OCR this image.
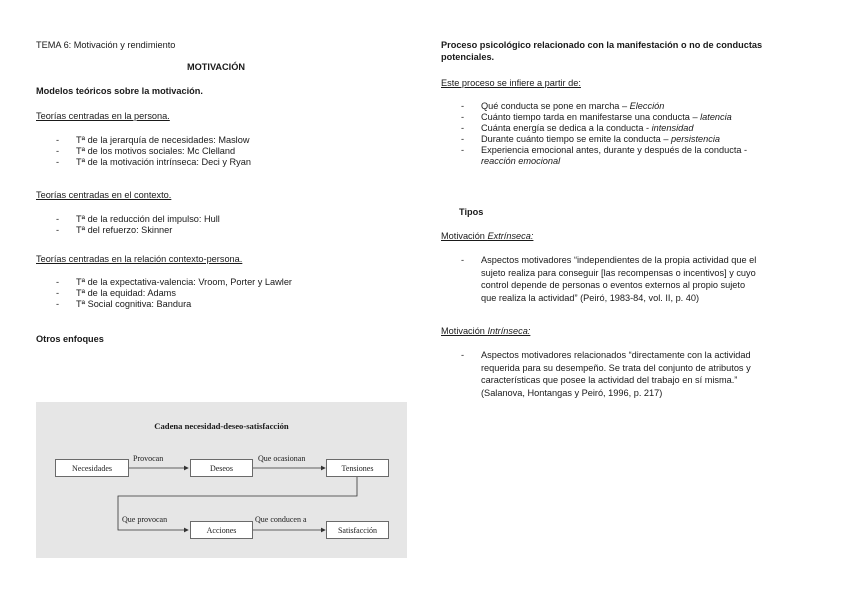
TEMA 6: Motivación y rendimiento
MOTIVACIÓN
Modelos teóricos sobre la motivación.
Teorías centradas en la persona.
- Tª de la jerarquía de necesidades: Maslow
- Tª de los motivos sociales: Mc Clelland
- Tª de la motivación intrínseca: Deci y Ryan
Teorías centradas en el contexto.
- Tª de la reducción del impulso: Hull
- Tª del refuerzo: Skinner
Teorías centradas en la relación contexto-persona.
- Tª de la expectativa-valencia: Vroom, Porter y Lawler
- Tª de la equidad: Adams
- Tª Social cognitiva: Bandura
Otros enfoques
Cadena necesidad-deseo-satisfacción
Necesidades	Deseos	Tensiones
Acciones	Satisfacción
Provocan	Que ocasionan
Que provocan	Que conducen a
Proceso psicológico relacionado con la manifestación o no de conductas
potenciales.
Este proceso se infiere a partir de:
- Qué conducta se pone en marcha – Elección
- Cuánto tiempo tarda en manifestarse una conducta – latencia
- Cuánta energía se dedica a la conducta - intensidad
- Durante cuánto tiempo se emite la conducta – persistencia
- Experiencia emocional antes, durante y después de la conducta -
reacción emocional
Tipos
Motivación Extrínseca:
- Aspectos motivadores “independientes de la propia actividad que el
sujeto realiza para conseguir [las recompensas o incentivos] y cuyo
control depende de personas o eventos externos al propio sujeto
que realiza la actividad” (Peiró, 1983-84, vol. II, p. 40)
Motivación Intrínseca:
- Aspectos motivadores relacionados “directamente con la actividad
requerida para su desempeño. Se trata del conjunto de atributos y
características que posee la actividad del trabajo en sí misma.”
(Salanova, Hontangas y Peiró, 1996, p. 217)
